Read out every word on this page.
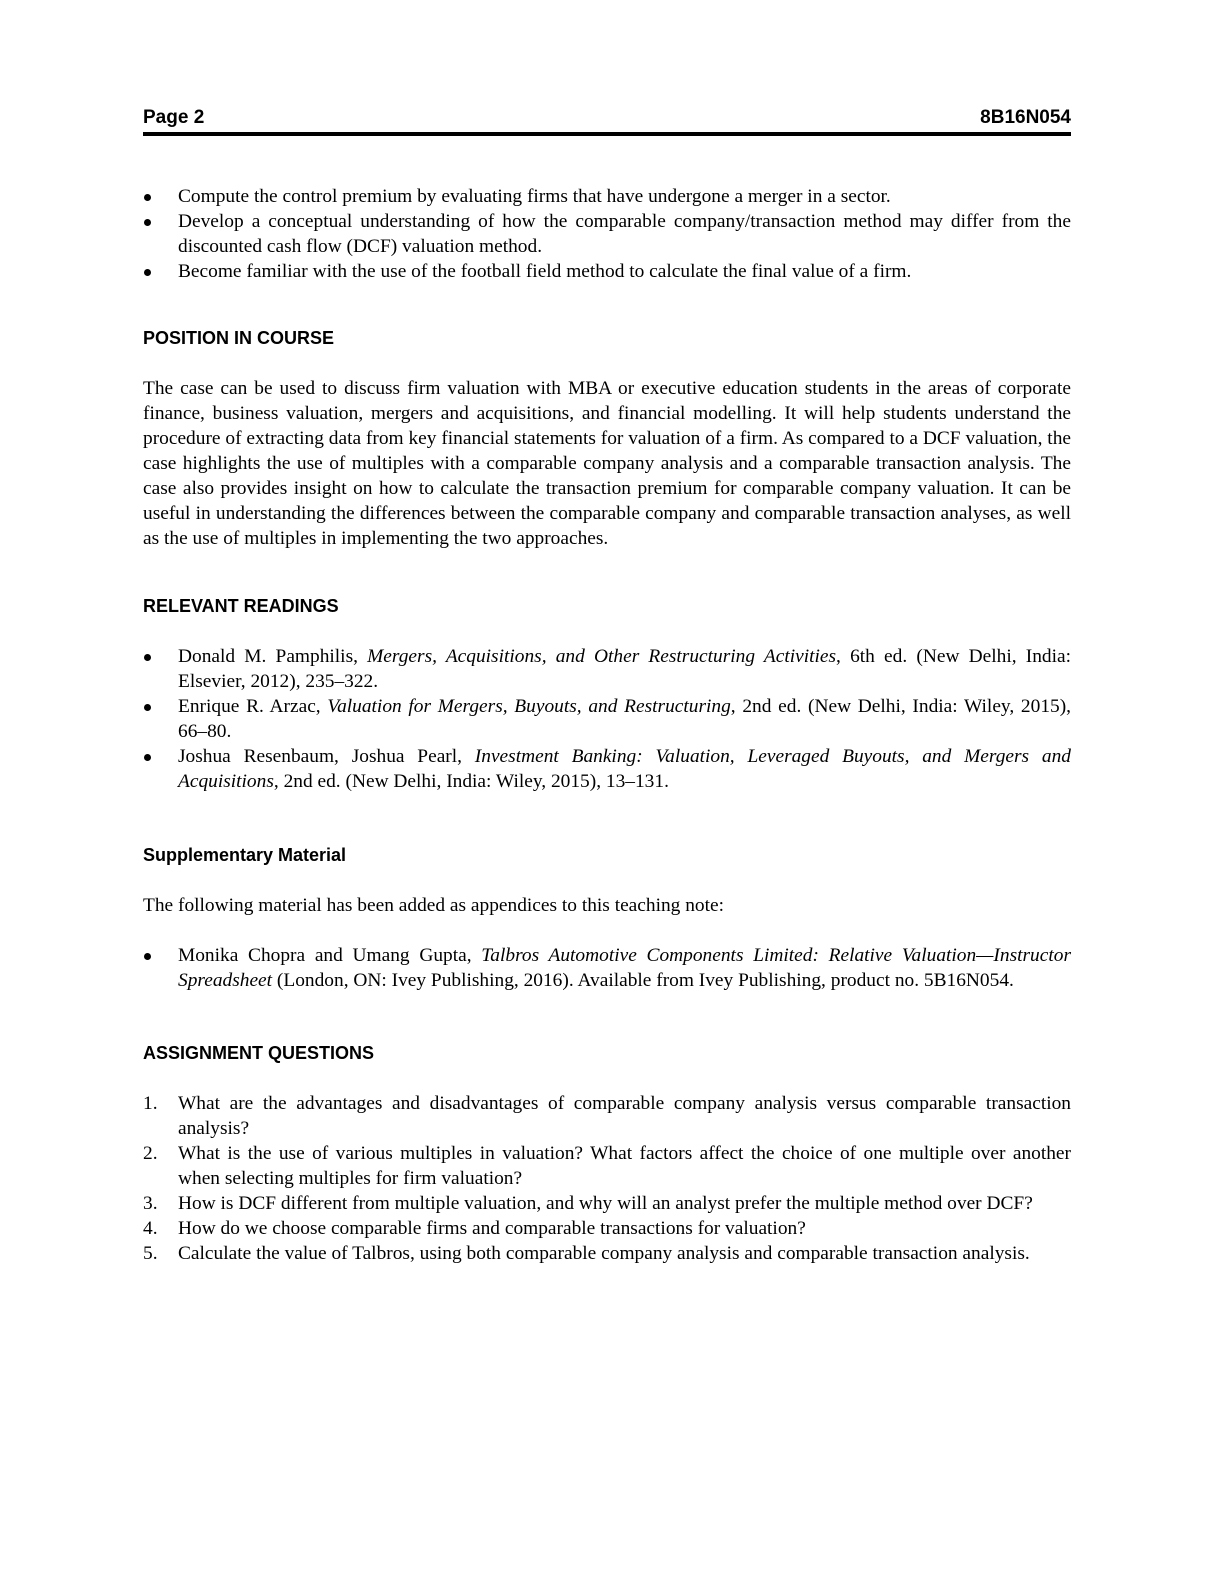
Page 2	8B16N054
Compute the control premium by evaluating firms that have undergone a merger in a sector.
Develop a conceptual understanding of how the comparable company/transaction method may differ from the discounted cash flow (DCF) valuation method.
Become familiar with the use of the football field method to calculate the final value of a firm.
POSITION IN COURSE

The case can be used to discuss firm valuation with MBA or executive education students in the areas of corporate finance, business valuation, mergers and acquisitions, and financial modelling. It will help students understand the procedure of extracting data from key financial statements for valuation of a firm. As compared to a DCF valuation, the case highlights the use of multiples with a comparable company analysis and a comparable transaction analysis. The case also provides insight on how to calculate the transaction premium for comparable company valuation. It can be useful in understanding the differences between the comparable company and comparable transaction analyses, as well as the use of multiples in implementing the two approaches.

RELEVANT READINGS
Donald M. Pamphilis, Mergers, Acquisitions, and Other Restructuring Activities, 6th ed. (New Delhi, India: Elsevier, 2012), 235–322.
Enrique R. Arzac, Valuation for Mergers, Buyouts, and Restructuring, 2nd ed. (New Delhi, India: Wiley, 2015), 66–80.
Joshua Resenbaum, Joshua Pearl, Investment Banking: Valuation, Leveraged Buyouts, and Mergers and Acquisitions, 2nd ed. (New Delhi, India: Wiley, 2015), 13–131.
Supplementary Material

The following material has been added as appendices to this teaching note:

Monika Chopra and Umang Gupta, Talbros Automotive Components Limited: Relative Valuation—Instructor Spreadsheet (London, ON: Ivey Publishing, 2016). Available from Ivey Publishing, product no. 5B16N054.
ASSIGNMENT QUESTIONS
1. What are the advantages and disadvantages of comparable company analysis versus comparable transaction analysis?
2. What is the use of various multiples in valuation? What factors affect the choice of one multiple over another when selecting multiples for firm valuation?
3. How is DCF different from multiple valuation, and why will an analyst prefer the multiple method over DCF?
4. How do we choose comparable firms and comparable transactions for valuation?
5. Calculate the value of Talbros, using both comparable company analysis and comparable transaction analysis.
